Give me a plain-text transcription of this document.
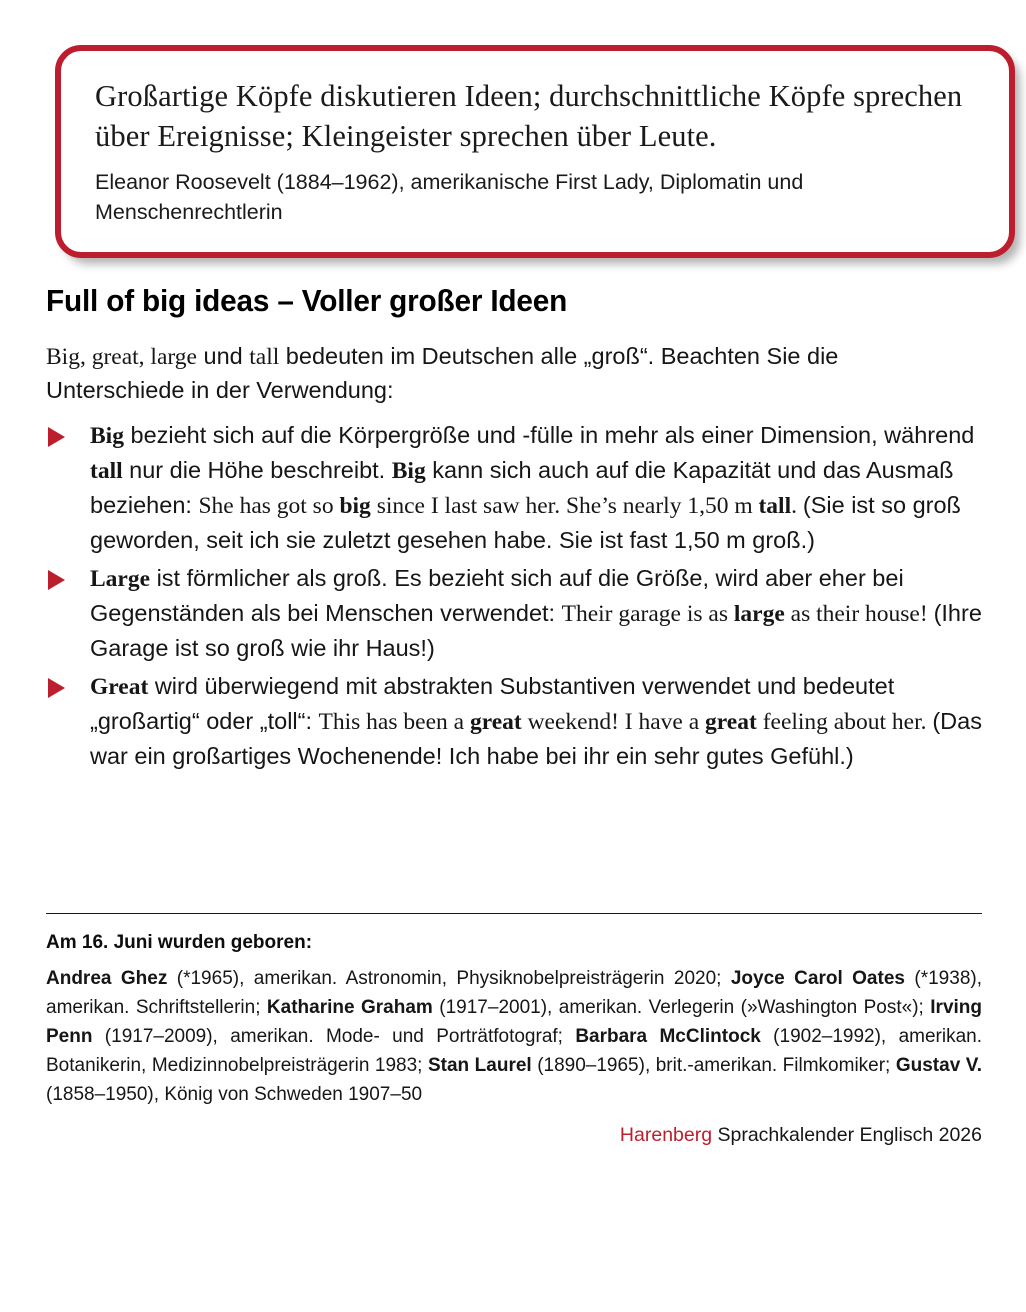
Großartige Köpfe diskutieren Ideen; durchschnittliche Köpfe sprechen über Ereignisse; Kleingeister sprechen über Leute.

Eleanor Roosevelt (1884–1962), amerikanische First Lady, Diplomatin und Menschenrechtlerin

Full of big ideas – Voller großer Ideen

Big, great, large und tall bedeuten im Deutschen alle „groß“. Beachten Sie die Unterschiede in der Verwendung:

Big bezieht sich auf die Körpergröße und -fülle in mehr als einer Dimension, während tall nur die Höhe beschreibt. Big kann sich auch auf die Kapazität und das Ausmaß beziehen: She has got so big since I last saw her. She’s nearly 1,50 m tall. (Sie ist so groß geworden, seit ich sie zuletzt gesehen habe. Sie ist fast 1,50 m groß.)
Large ist förmlicher als groß. Es bezieht sich auf die Größe, wird aber eher bei Gegenständen als bei Menschen verwendet: Their garage is as large as their house! (Ihre Garage ist so groß wie ihr Haus!)
Great wird überwiegend mit abstrakten Substantiven verwendet und bedeutet „großartig“ oder „toll“: This has been a great weekend! I have a great feeling about her. (Das war ein großartiges Wochenende! Ich habe bei ihr ein sehr gutes Gefühl.)

Am 16. Juni wurden geboren:

Andrea Ghez (*1965), amerikan. Astronomin, Physiknobelpreisträgerin 2020; Joyce Carol Oates (*1938), amerikan. Schriftstellerin; Katharine Graham (1917–2001), amerikan. Verlegerin (»Washington Post«); Irving Penn (1917–2009), amerikan. Mode- und Porträtfotograf; Barbara McClintock (1902–1992), amerikan. Botanikerin, Medizinnobelpreisträgerin 1983; Stan Laurel (1890–1965), brit.-amerikan. Filmkomiker; Gustav V. (1858–1950), König von Schweden 1907–50

Harenberg Sprachkalender Englisch 2026
